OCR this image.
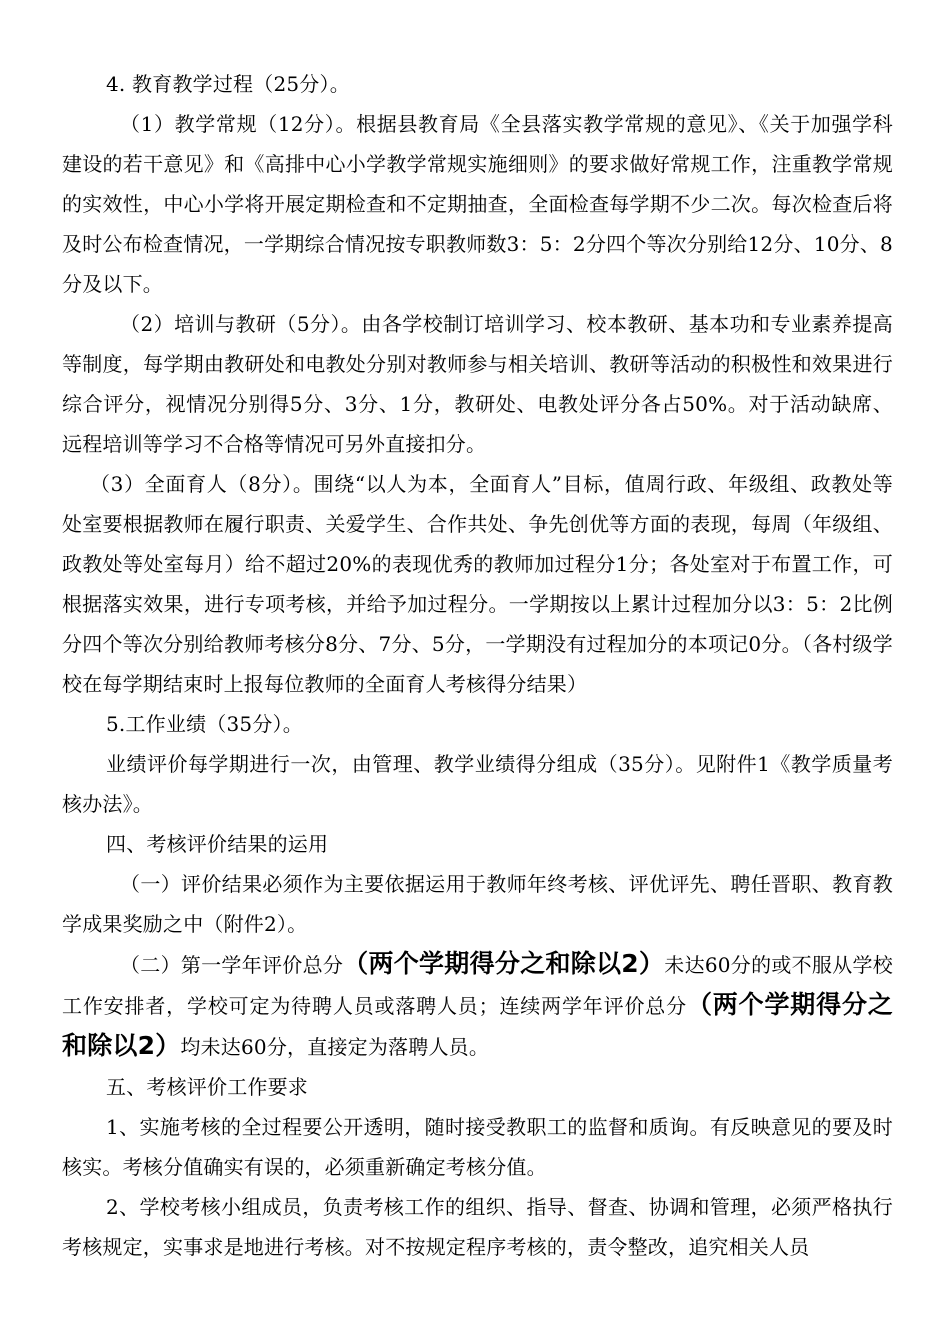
4. 教育教学过程（25分）。

（1）教学常规（12分）。根据县教育局《全县落实教学常规的意见》、《关于加强学科建设的若干意见》和《高排中心小学教学常规实施细则》的要求做好常规工作，注重教学常规的实效性，中心小学将开展定期检查和不定期抽查，全面检查每学期不少二次。每次检查后将及时公布检查情况，一学期综合情况按专职教师数3：5：2分四个等次分别给12分、10分、8分及以下。

（2）培训与教研（5分）。由各学校制订培训学习、校本教研、基本功和专业素养提高等制度，每学期由教研处和电教处分别对教师参与相关培训、教研等活动的积极性和效果进行综合评分，视情况分别得5分、3分、1分，教研处、电教处评分各占50%。对于活动缺席、远程培训等学习不合格等情况可另外直接扣分。

（3）全面育人（8分）。围绕“以人为本，全面育人”目标，值周行政、年级组、政教处等处室要根据教师在履行职责、关爱学生、合作共处、争先创优等方面的表现，每周（年级组、政教处等处室每月）给不超过20%的表现优秀的教师加过程分1分；各处室对于布置工作，可根据落实效果，进行专项考核，并给予加过程分。一学期按以上累计过程加分以3：5：2比例分四个等次分别给教师考核分8分、7分、5分，一学期没有过程加分的本项记0分。（各村级学校在每学期结束时上报每位教师的全面育人考核得分结果）

5.工作业绩（35分）。

业绩评价每学期进行一次，由管理、教学业绩得分组成（35分）。见附件1《教学质量考核办法》。

四、考核评价结果的运用

（一）评价结果必须作为主要依据运用于教师年终考核、评优评先、聘任晋职、教育教学成果奖励之中（附件2）。

（二）第一学年评价总分（两个学期得分之和除以2）未达60分的或不服从学校工作安排者，学校可定为待聘人员或落聘人员；连续两学年评价总分（两个学期得分之和除以2）均未达60分，直接定为落聘人员。

五、考核评价工作要求

1、实施考核的全过程要公开透明，随时接受教职工的监督和质询。有反映意见的要及时核实。考核分值确实有误的，必须重新确定考核分值。

2、学校考核小组成员，负责考核工作的组织、指导、督查、协调和管理，必须严格执行考核规定，实事求是地进行考核。对不按规定程序考核的，责令整改，追究相关人员
